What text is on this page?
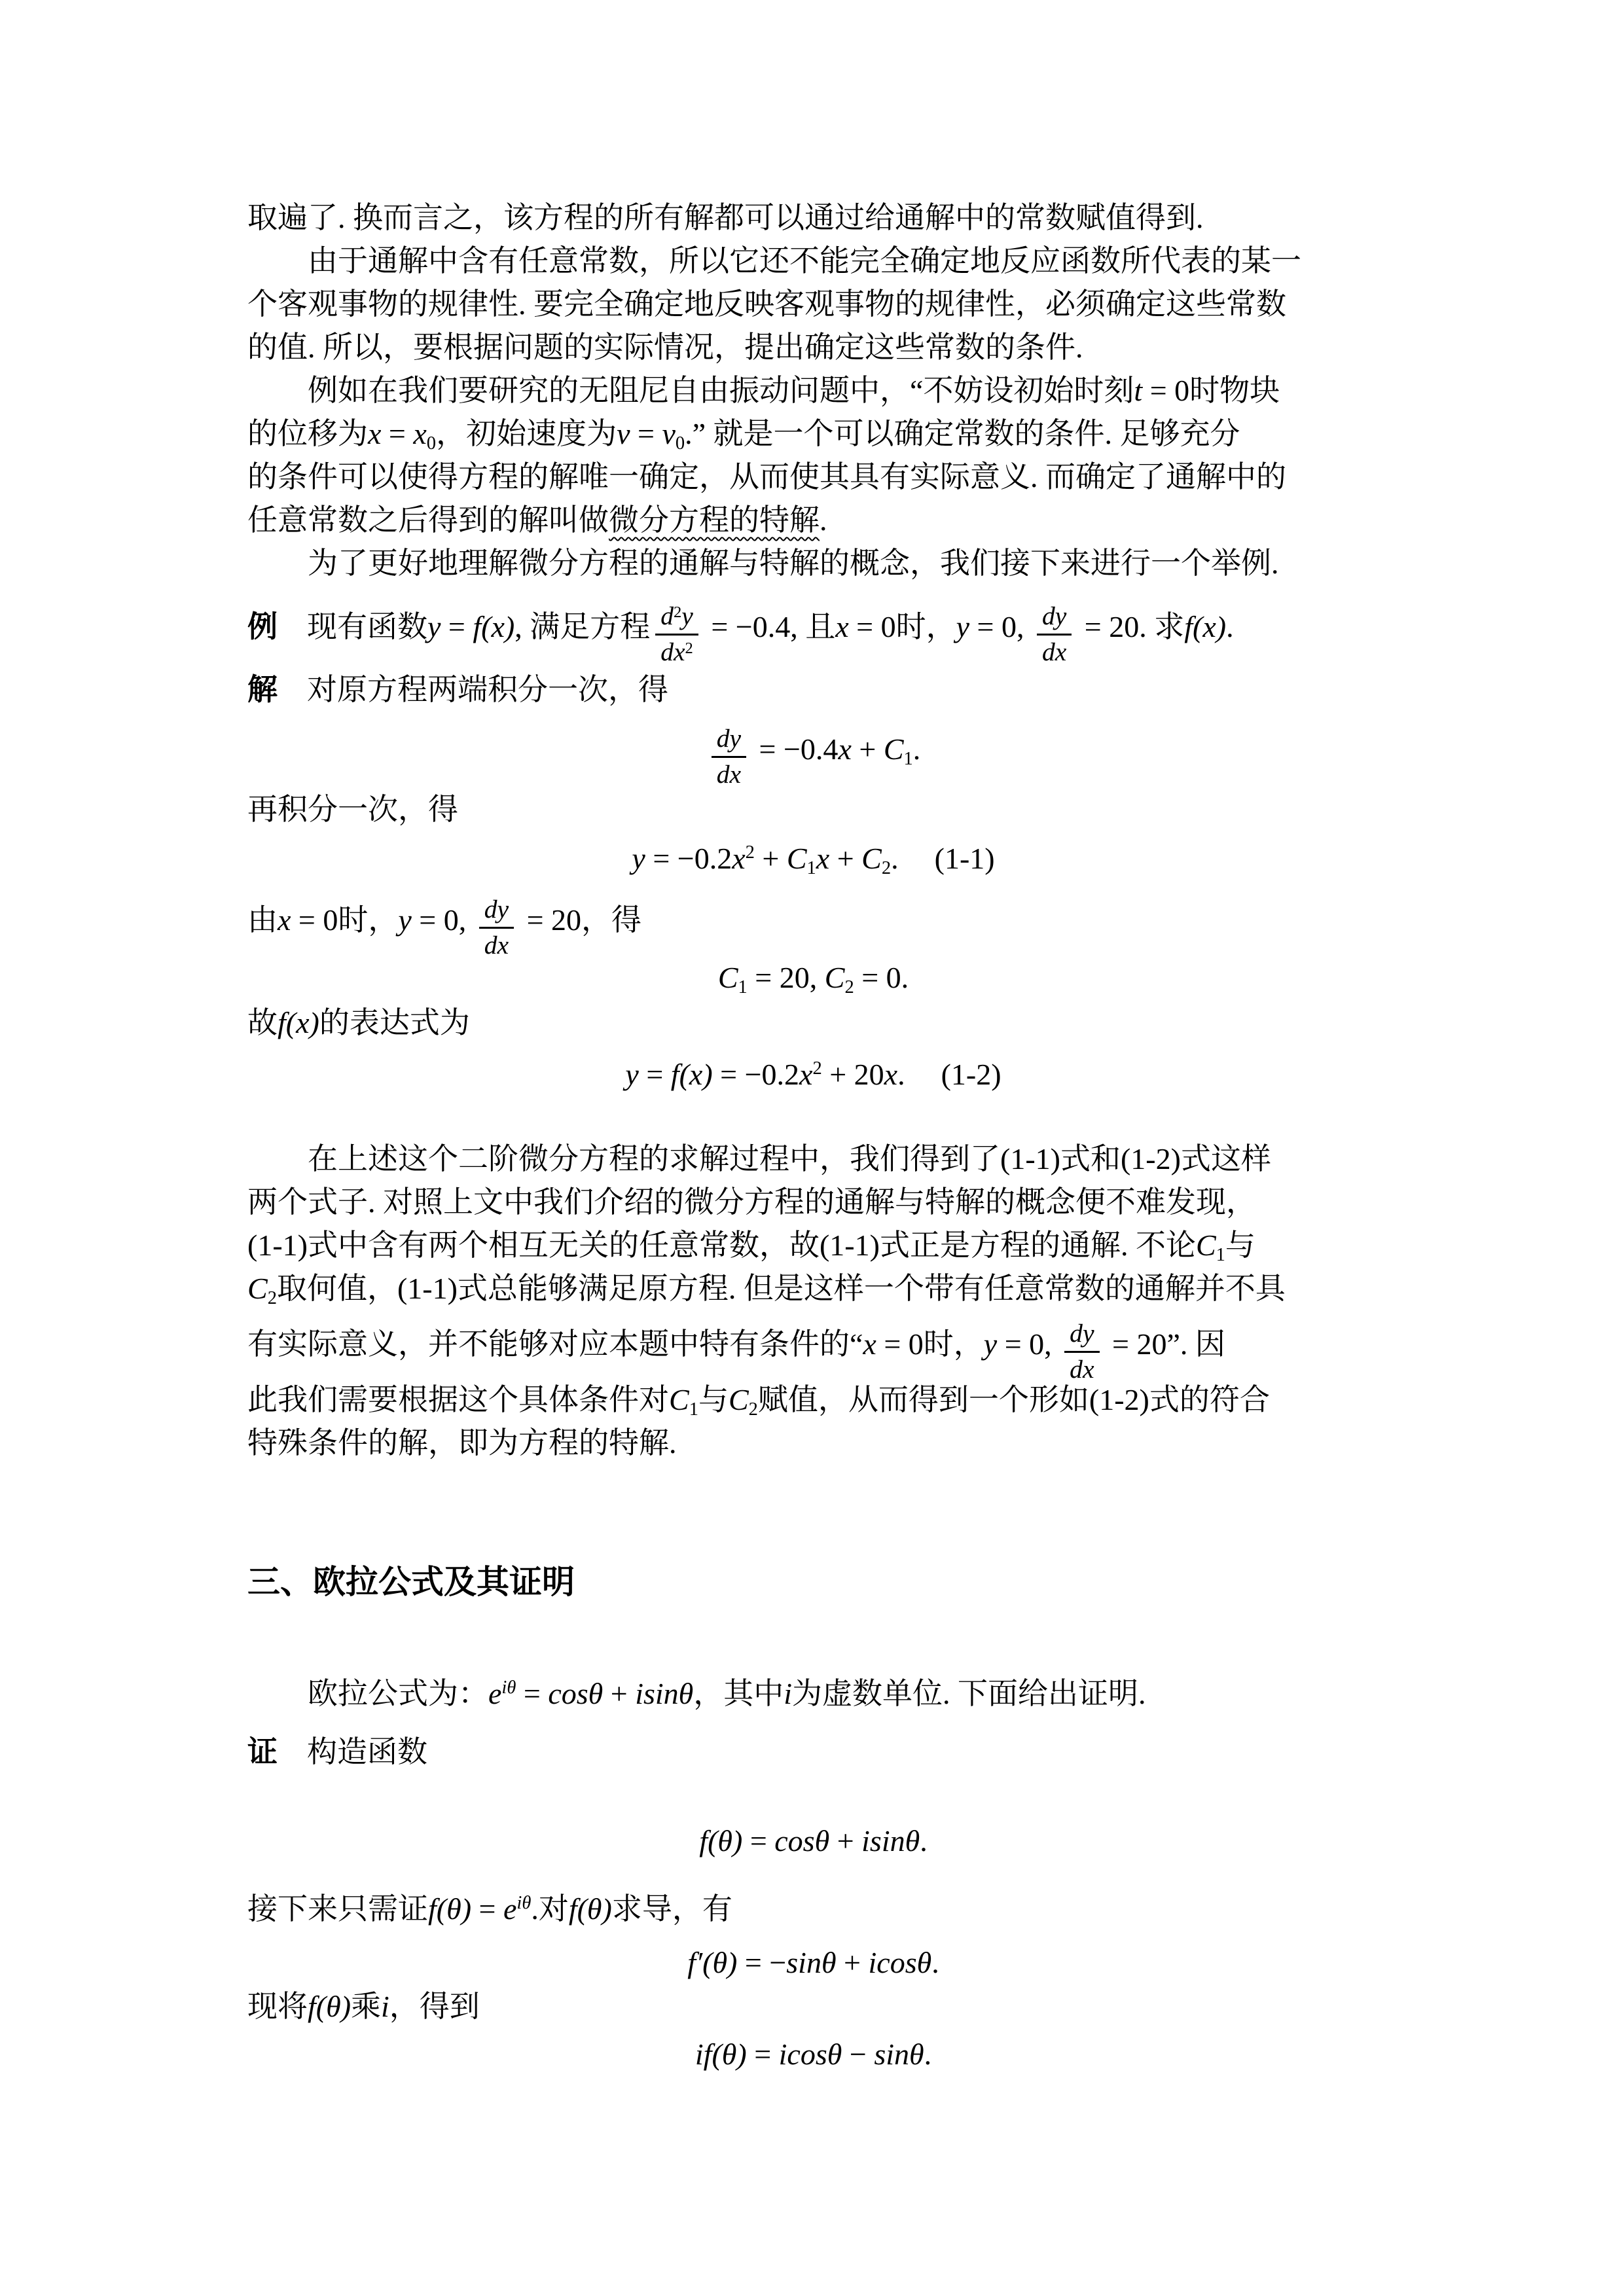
取遍了. 换而言之，该方程的所有解都可以通过给通解中的常数赋值得到.
由于通解中含有任意常数，所以它还不能完全确定地反应函数所代表的某一
个客观事物的规律性. 要完全确定地反映客观事物的规律性，必须确定这些常数
的值. 所以，要根据问题的实际情况，提出确定这些常数的条件.
例如在我们要研究的无阻尼自由振动问题中，“不妨设初始时刻t = 0时物块
的位移为x = x0，初始速度为v = v0.” 就是一个可以确定常数的条件. 足够充分
的条件可以使得方程的解唯一确定，从而使其具有实际意义. 而确定了通解中的
任意常数之后得到的解叫做微分方程的特解.
为了更好地理解微分方程的通解与特解的概念，我们接下来进行一个举例.
例 现有函数y = f(x), 满足方程 $\frac{d^2y}{dx^2} = -0.4$, 且x = 0时，y = 0, $\frac{dy}{dx} = 20$. 求f(x).
解 对原方程两端积分一次，得
$\frac{dy}{dx} = -0.4x + C1$.
再积分一次，得
$y = -0.2x^2 + C1x + C2$. (1-1)
由x = 0时，y = 0, $\frac{dy}{dx} = 20$，得
C1 = 20, C2 = 0.
故f(x)的表达式为
$y = f(x) = -0.2x^2 + 20x$. (1-2)
在上述这个二阶微分方程的求解过程中，我们得到了(1-1)式和(1-2)式这样
两个式子. 对照上文中我们介绍的微分方程的通解与特解的概念便不难发现，
(1-1)式中含有两个相互无关的任意常数，故(1-1)式正是方程的通解. 不论C1与
C2取何值，(1-1)式总能够满足原方程. 但是这样一个带有任意常数的通解并不具
有实际意义，并不能够对应本题中特有条件的“x = 0时，y = 0, $\frac{dy}{dx} = 20$”. 因
此我们需要根据这个具体条件对C1与C2赋值，从而得到一个形如(1-2)式的符合
特殊条件的解，即为方程的特解.
三、欧拉公式及其证明
欧拉公式为：$e^{i\theta} = \cos\theta + isin\theta$，其中i为虚数单位. 下面给出证明.
证 构造函数
f(θ) = cosθ + isinθ.
接下来只需证$f(\theta) = e^{i\theta}$.对f(θ)求导，有
f′(θ) = −sinθ + icosθ.
现将f(θ)乘i，得到
if(θ) = icosθ − sinθ.
